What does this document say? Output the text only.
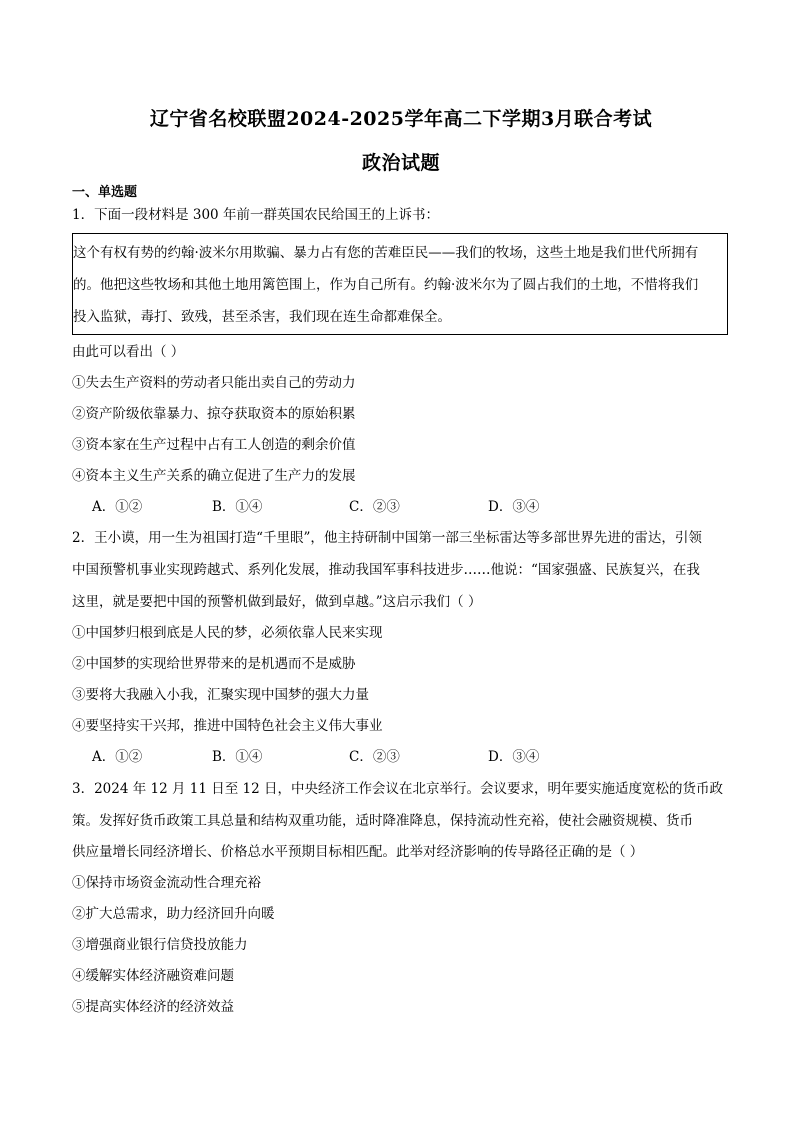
辽宁省名校联盟2024-2025学年高二下学期3月联合考试
政治试题
一、单选题
1．下面一段材料是 300 年前一群英国农民给国王的上诉书：
这个有权有势的约翰·波米尔用欺骗、暴力占有您的苦难臣民——我们的牧场，这些土地是我们世代所拥有
的。他把这些牧场和其他土地用篱笆围上，作为自己所有。约翰·波米尔为了圆占我们的土地，不惜将我们
投入监狱，毒打、致残，甚至杀害，我们现在连生命都难保全。
由此可以看出（ ）
①失去生产资料的劳动者只能出卖自己的劳动力
②资产阶级依靠暴力、掠夺获取资本的原始积累
③资本家在生产过程中占有工人创造的剩余价值
④资本主义生产关系的确立促进了生产力的发展
A．①②	B．①④	C．②③	D．③④
2．王小谟，用一生为祖国打造“千里眼”，他主持研制中国第一部三坐标雷达等多部世界先进的雷达，引领
中国预警机事业实现跨越式、系列化发展，推动我国军事科技进步……他说：“国家强盛、民族复兴，在我
这里，就是要把中国的预警机做到最好，做到卓越。”这启示我们（ ）
①中国梦归根到底是人民的梦，必须依靠人民来实现
②中国梦的实现给世界带来的是机遇而不是威胁
③要将大我融入小我，汇聚实现中国梦的强大力量
④要坚持实干兴邦，推进中国特色社会主义伟大事业
A．①②	B．①④	C．②③	D．③④
3．2024 年 12 月 11 日至 12 日，中央经济工作会议在北京举行。会议要求，明年要实施适度宽松的货币政
策。发挥好货币政策工具总量和结构双重功能，适时降准降息，保持流动性充裕，使社会融资规模、货币
供应量增长同经济增长、价格总水平预期目标相匹配。此举对经济影响的传导路径正确的是（ ）
①保持市场资金流动性合理充裕
②扩大总需求，助力经济回升向暖
③增强商业银行信贷投放能力
④缓解实体经济融资难问题
⑤提高实体经济的经济效益
